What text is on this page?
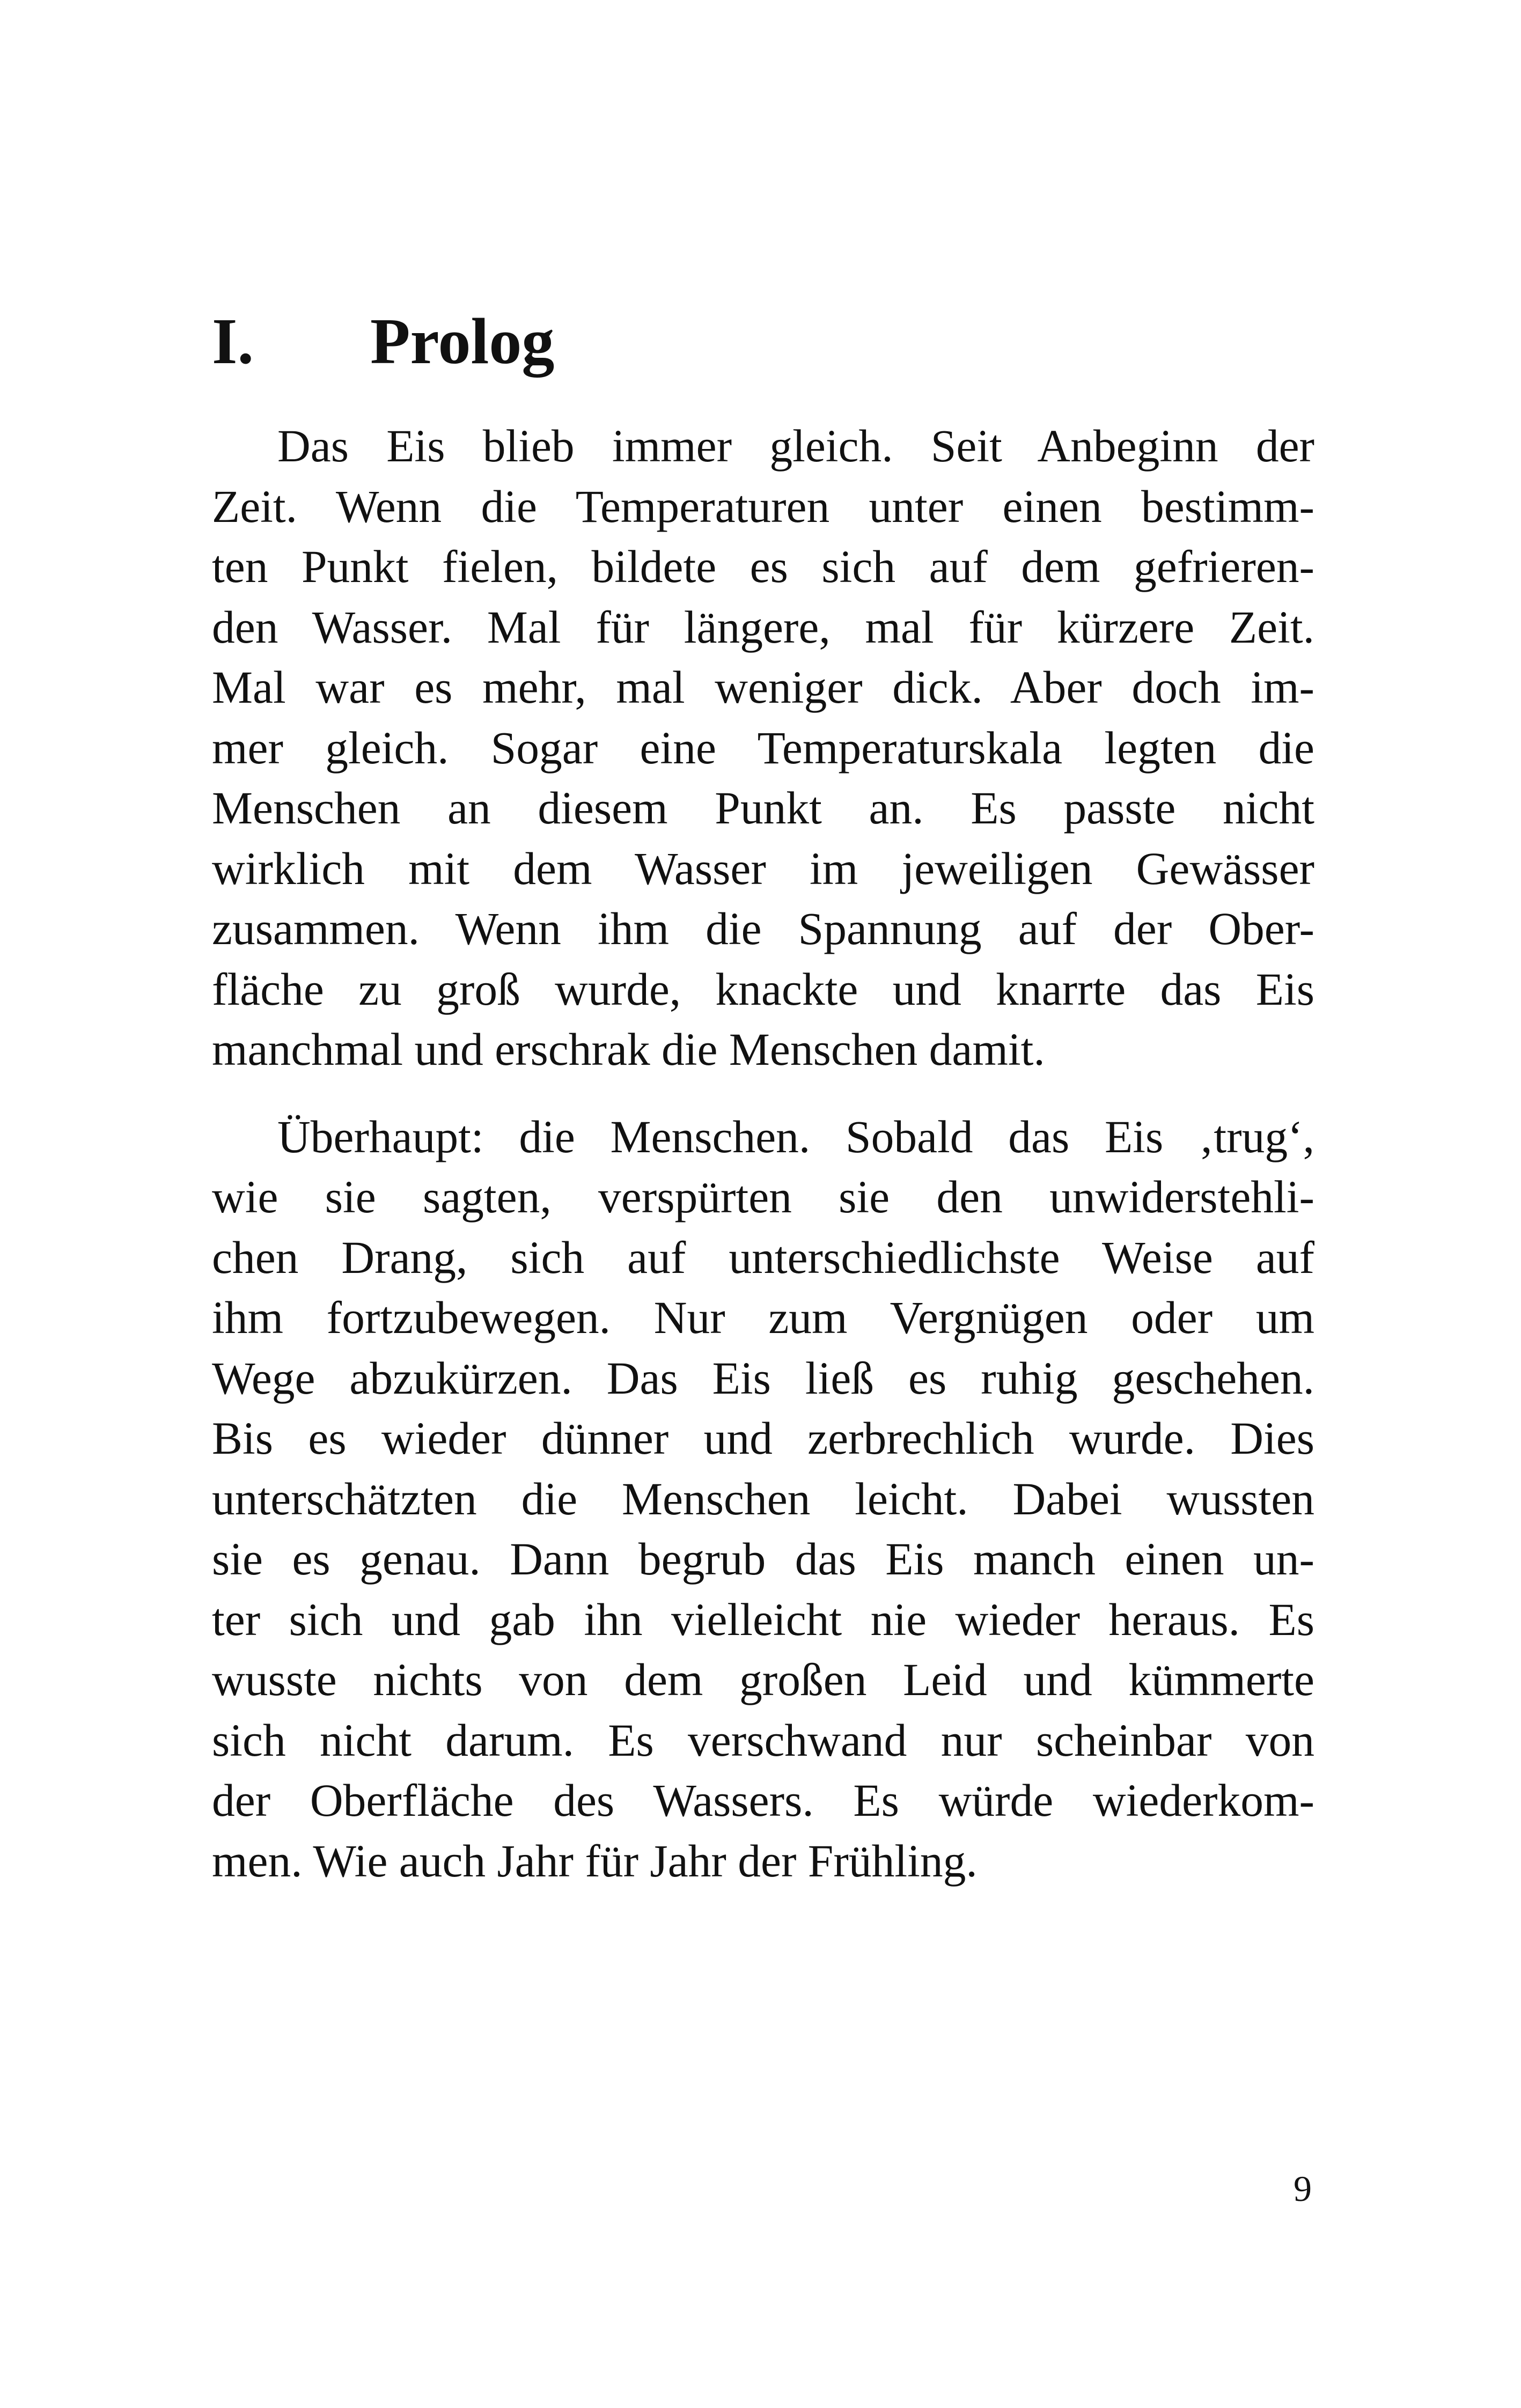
I.	Prolog

Das Eis blieb immer gleich. Seit Anbeginn der
Zeit. Wenn die Temperaturen unter einen bestimm-
ten Punkt fielen, bildete es sich auf dem gefrieren-
den Wasser. Mal für längere, mal für kürzere Zeit.
Mal war es mehr, mal weniger dick. Aber doch im-
mer gleich. Sogar eine Temperaturskala legten die
Menschen an diesem Punkt an. Es passte nicht
wirklich mit dem Wasser im jeweiligen Gewässer
zusammen. Wenn ihm die Spannung auf der Ober-
fläche zu groß wurde, knackte und knarrte das Eis
manchmal und erschrak die Menschen damit.

Überhaupt: die Menschen. Sobald das Eis ‚trug‘,
wie sie sagten, verspürten sie den unwiderstehli-
chen Drang, sich auf unterschiedlichste Weise auf
ihm fortzubewegen. Nur zum Vergnügen oder um
Wege abzukürzen. Das Eis ließ es ruhig geschehen.
Bis es wieder dünner und zerbrechlich wurde. Dies
unterschätzten die Menschen leicht. Dabei wussten
sie es genau. Dann begrub das Eis manch einen un-
ter sich und gab ihn vielleicht nie wieder heraus. Es
wusste nichts von dem großen Leid und kümmerte
sich nicht darum. Es verschwand nur scheinbar von
der Oberfläche des Wassers. Es würde wiederkom-
men. Wie auch Jahr für Jahr der Frühling.

9
